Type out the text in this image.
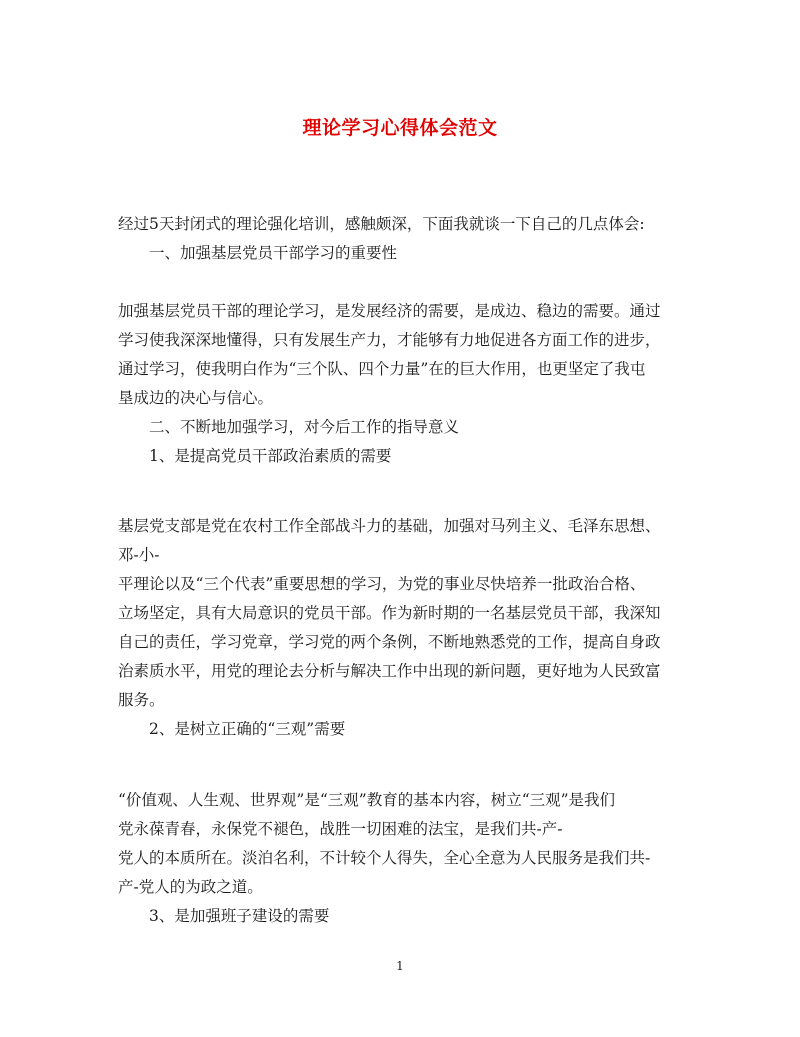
理论学习心得体会范文

经过5天封闭式的理论强化培训，感触颇深，下面我就谈一下自己的几点体会:

一、加强基层党员干部学习的重要性

加强基层党员干部的理论学习，是发展经济的需要，是成边、稳边的需要。通过

学习使我深深地懂得，只有发展生产力，才能够有力地促进各方面工作的进步，

通过学习，使我明白作为“三个队、四个力量”在的巨大作用，也更坚定了我屯

垦成边的决心与信心。

二、不断地加强学习，对今后工作的指导意义

1、是提高党员干部政治素质的需要

基层党支部是党在农村工作全部战斗力的基础，加强对马列主义、毛泽东思想、

邓-小-

平理论以及“三个代表”重要思想的学习，为党的事业尽快培养一批政治合格、

立场坚定，具有大局意识的党员干部。作为新时期的一名基层党员干部，我深知

自己的责任，学习党章，学习党的两个条例，不断地熟悉党的工作，提高自身政

治素质水平，用党的理论去分析与解决工作中出现的新问题，更好地为人民致富

服务。

2、是树立正确的“三观”需要

“价值观、人生观、世界观”是“三观”教育的基本内容，树立“三观”是我们

党永葆青春，永保党不褪色，战胜一切困难的法宝，是我们共-产-

党人的本质所在。淡泊名利，不计较个人得失，全心全意为人民服务是我们共-

产-党人的为政之道。

3、是加强班子建设的需要

1
